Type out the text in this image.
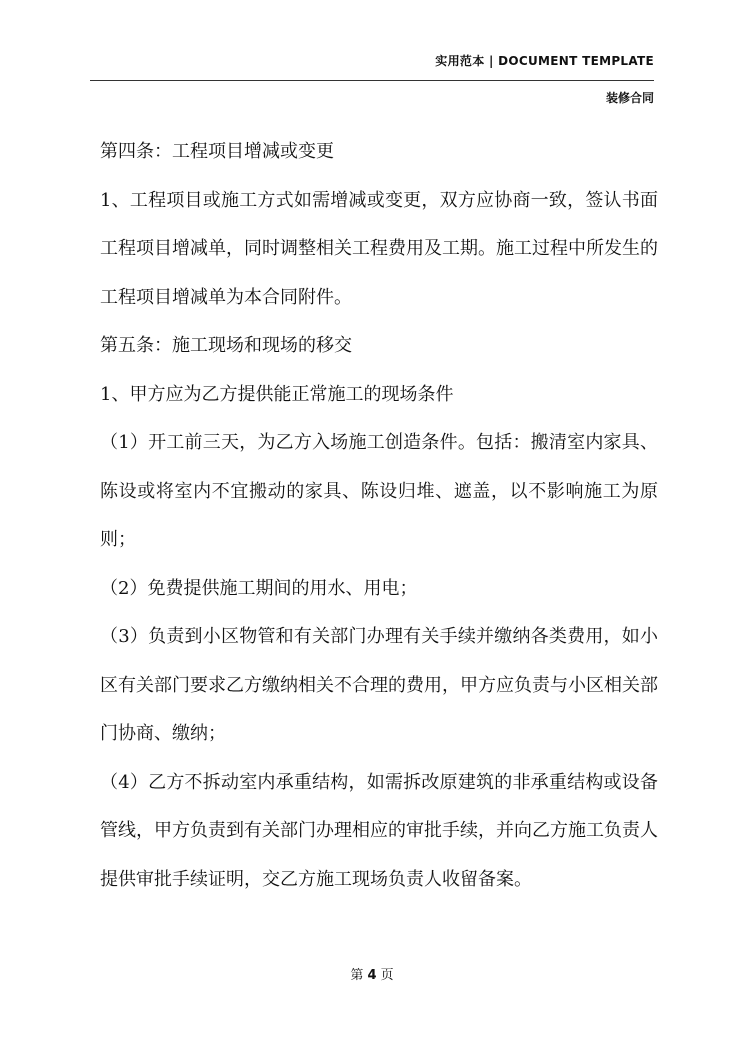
实用范本 | DOCUMENT TEMPLATE
装修合同

第四条：工程项目增减或变更

1、工程项目或施工方式如需增减或变更，双方应协商一致，签认书面工程项目增减单，同时调整相关工程费用及工期。施工过程中所发生的工程项目增减单为本合同附件。

第五条：施工现场和现场的移交

1、甲方应为乙方提供能正常施工的现场条件

（1）开工前三天，为乙方入场施工创造条件。包括：搬清室内家具、陈设或将室内不宜搬动的家具、陈设归堆、遮盖，以不影响施工为原则；

（2）免费提供施工期间的用水、用电；

（3）负责到小区物管和有关部门办理有关手续并缴纳各类费用，如小区有关部门要求乙方缴纳相关不合理的费用，甲方应负责与小区相关部门协商、缴纳；

（4）乙方不拆动室内承重结构，如需拆改原建筑的非承重结构或设备管线，甲方负责到有关部门办理相应的审批手续，并向乙方施工负责人提供审批手续证明，交乙方施工现场负责人收留备案。

第 4 页
